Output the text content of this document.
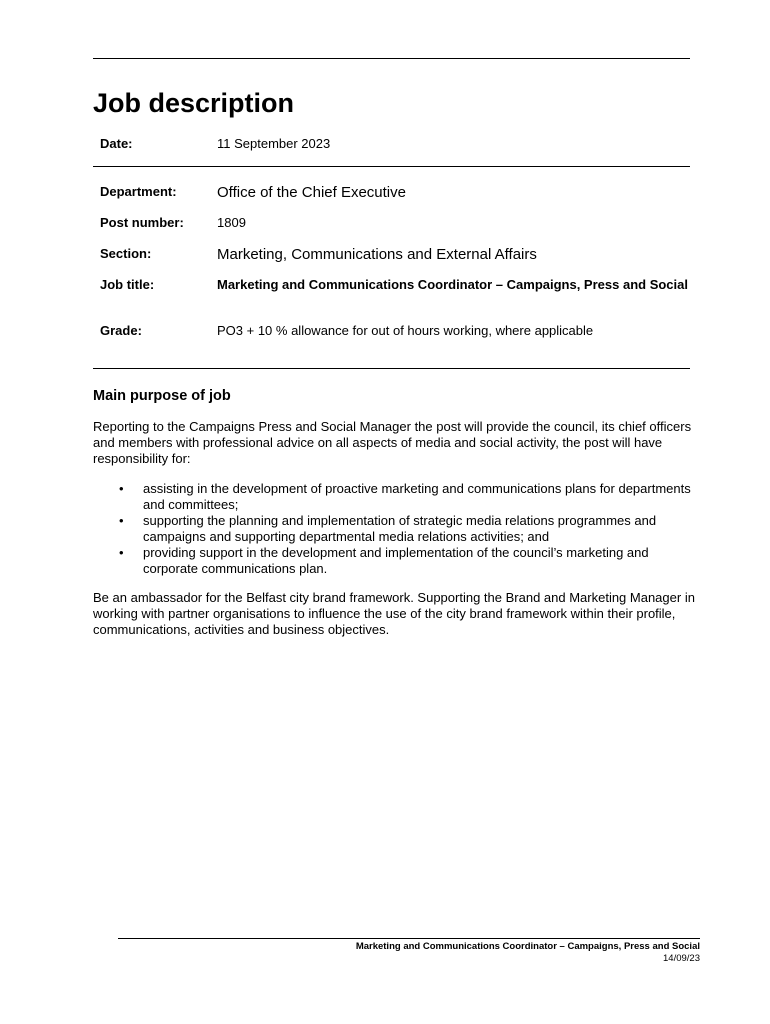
Job description
Date:	11 September 2023
Department:	Office of the Chief Executive
Post number:	1809
Section:	Marketing, Communications and External Affairs
Job title:	Marketing and Communications Coordinator – Campaigns, Press and Social
Grade:	PO3 + 10 % allowance for out of hours working, where applicable
Main purpose of job

Reporting to the Campaigns Press and Social Manager the post will provide the council, its chief officers and members with professional advice on all aspects of media and social activity, the post will have responsibility for:

• assisting in the development of proactive marketing and communications plans for departments and committees;
• supporting the planning and implementation of strategic media relations programmes and campaigns and supporting departmental media relations activities; and
• providing support in the development and implementation of the council’s marketing and corporate communications plan.

Be an ambassador for the Belfast city brand framework. Supporting the Brand and Marketing Manager in working with partner organisations to influence the use of the city brand framework within their profile, communications, activities and business objectives.

Marketing and Communications Coordinator – Campaigns, Press and Social
14/09/23
